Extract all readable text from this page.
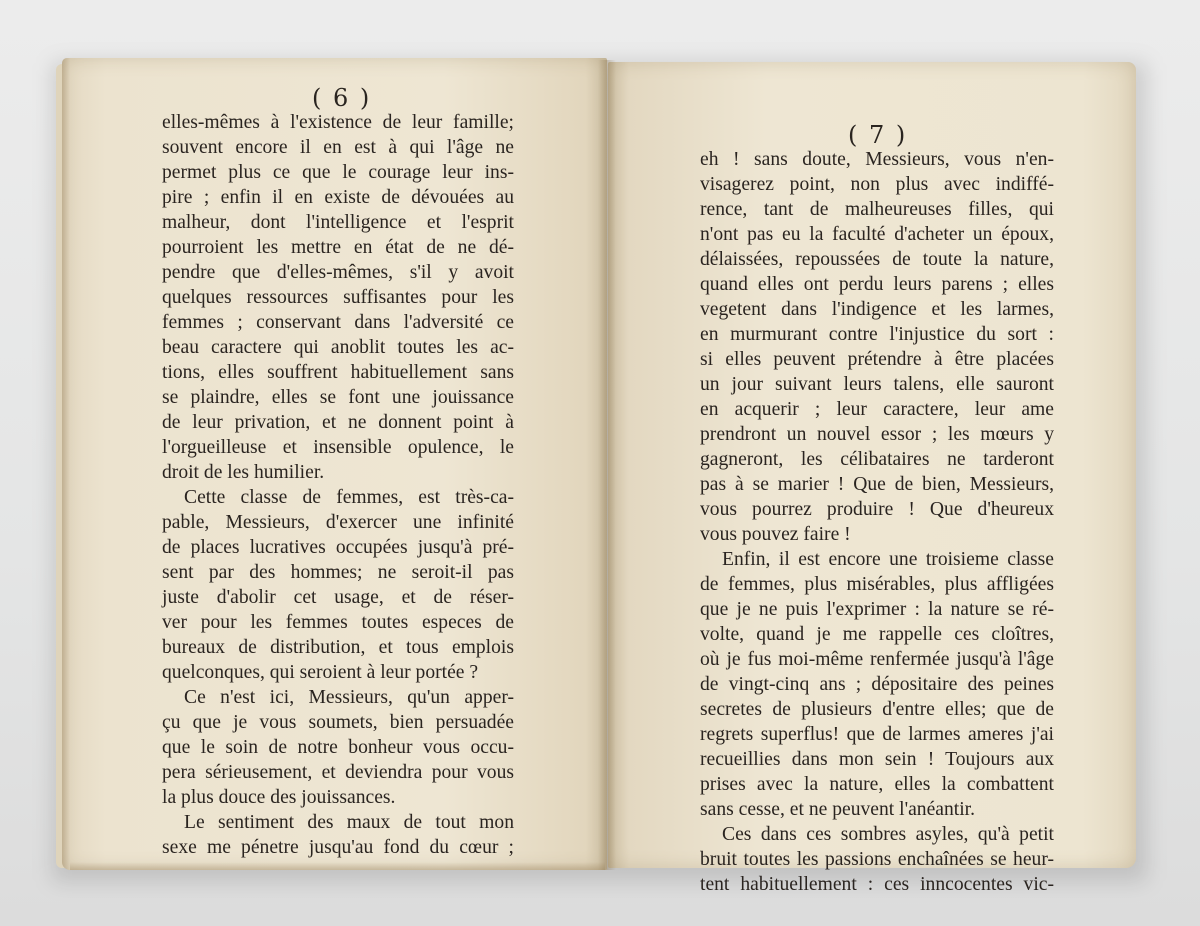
( 6 )
( 7 )
elles-mêmes à l'existence de leur famille;
souvent encore il en est à qui l'âge ne
permet plus ce que le courage leur ins-
pire ; enfin il en existe de dévouées au
malheur, dont l'intelligence et l'esprit
pourroient les mettre en état de ne dé-
pendre que d'elles-mêmes, s'il y avoit
quelques ressources suffisantes pour les
femmes ; conservant dans l'adversité ce
beau caractere qui anoblit toutes les ac-
tions, elles souffrent habituellement sans
se plaindre, elles se font une jouissance
de leur privation, et ne donnent point à
l'orgueilleuse et insensible opulence, le
droit de les humilier.
Cette classe de femmes, est très-ca-
pable, Messieurs, d'exercer une infinité
de places lucratives occupées jusqu'à pré-
sent par des hommes; ne seroit-il pas
juste d'abolir cet usage, et de réser-
ver pour les femmes toutes especes de
bureaux de distribution, et tous emplois
quelconques, qui seroient à leur portée ?
Ce n'est ici, Messieurs, qu'un apper-
çu que je vous soumets, bien persuadée
que le soin de notre bonheur vous occu-
pera sérieusement, et deviendra pour vous
la plus douce des jouissances.
Le sentiment des maux de tout mon
sexe me pénetre jusqu'au fond du cœur ;
eh ! sans doute, Messieurs, vous n'en-
visagerez point, non plus avec indiffé-
rence, tant de malheureuses filles, qui
n'ont pas eu la faculté d'acheter un époux,
délaissées, repoussées de toute la nature,
quand elles ont perdu leurs parens ; elles
vegetent dans l'indigence et les larmes,
en murmurant contre l'injustice du sort :
si elles peuvent prétendre à être placées
un jour suivant leurs talens, elle sauront
en acquerir ; leur caractere, leur ame
prendront un nouvel essor ; les mœurs y
gagneront, les célibataires ne tarderont
pas à se marier ! Que de bien, Messieurs,
vous pourrez produire ! Que d'heureux
vous pouvez faire !
Enfin, il est encore une troisieme classe
de femmes, plus misérables, plus affligées
que je ne puis l'exprimer : la nature se ré-
volte, quand je me rappelle ces cloîtres,
où je fus moi-même renfermée jusqu'à l'âge
de vingt-cinq ans ; dépositaire des peines
secretes de plusieurs d'entre elles; que de
regrets superflus! que de larmes ameres j'ai
recueillies dans mon sein ! Toujours aux
prises avec la nature, elles la combattent
sans cesse, et ne peuvent l'anéantir.
Ces dans ces sombres asyles, qu'à petit
bruit toutes les passions enchaînées se heur-
tent habituellement : ces inncocentes vic-
